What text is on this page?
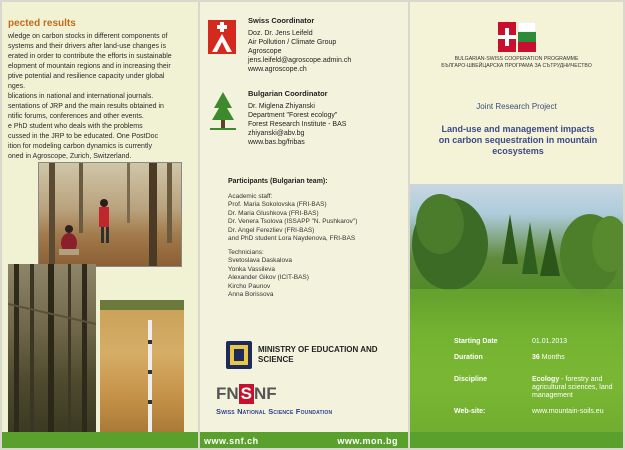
pected results

wledge on carbon stocks in different components of

systems and their drivers after land-use changes is

erated in order to contribute the efforts in sustainable

elopment of mountain regions and in increasing their

ptive potential and resilience capacity under global

nges.

blications in national and international journals.

sentations of JRP and the main results obtained in

ntific forums, conferences and other events.

e PhD student who deals with the problems

cussed in the JRP to be educated. One PostDoc

ition for modeling carbon dynamics is currently

oned in Agroscope, Zurich, Switzerland.

Swiss Coordinator
Doz. Dr. Jens Leifeld
Air Pollution / Climate Group
Agroscope
jens.leifeld@agroscope.admin.ch
www.agroscope.ch
Bulgarian Coordinator
Dr. Miglena Zhiyanski
Department "Forest ecology"
Forest Research Institute - BAS
zhiyanski@abv.bg
www.bas.bg/fribas
Participants (Bulgarian team):
Academic staff:
Prof. Maria Sokolovska (FRI-BAS)
Dr. Maria Glushkova (FRI-BAS)
Dr. Venera Tsolova (ISSAPP "N. Pushkarov")
Dr. Angel Ferezliev (FRI-BAS)
and PhD student Lora Naydenova, FRI-BAS
Technicians:
Svetoslava Daskalova
Yonka Vassileva
Alexander Gikov (ICIT-BAS)
Kircho Paunov
Anna Borissova
MINISTRY OF EDUCATION AND SCIENCE
FN S NF
Swiss National Science Foundation
www.snf.ch	www.mon.bg
BULGARIAN-SWISS COOPERATION PROGRAMME
БЪЛГАРО-ШВЕЙЦАРСКА ПРОГРАМА ЗА СЪТРУДНИЧЕСТВО
Joint Research Project
Land-use and management impacts on carbon sequestration in mountain ecosystems
Starting Date	01.01.2013
Duration	36 Months
Discipline	Ecology - forestry and agricultural sciences, land management
Web-site:	www.mountain-soils.eu
